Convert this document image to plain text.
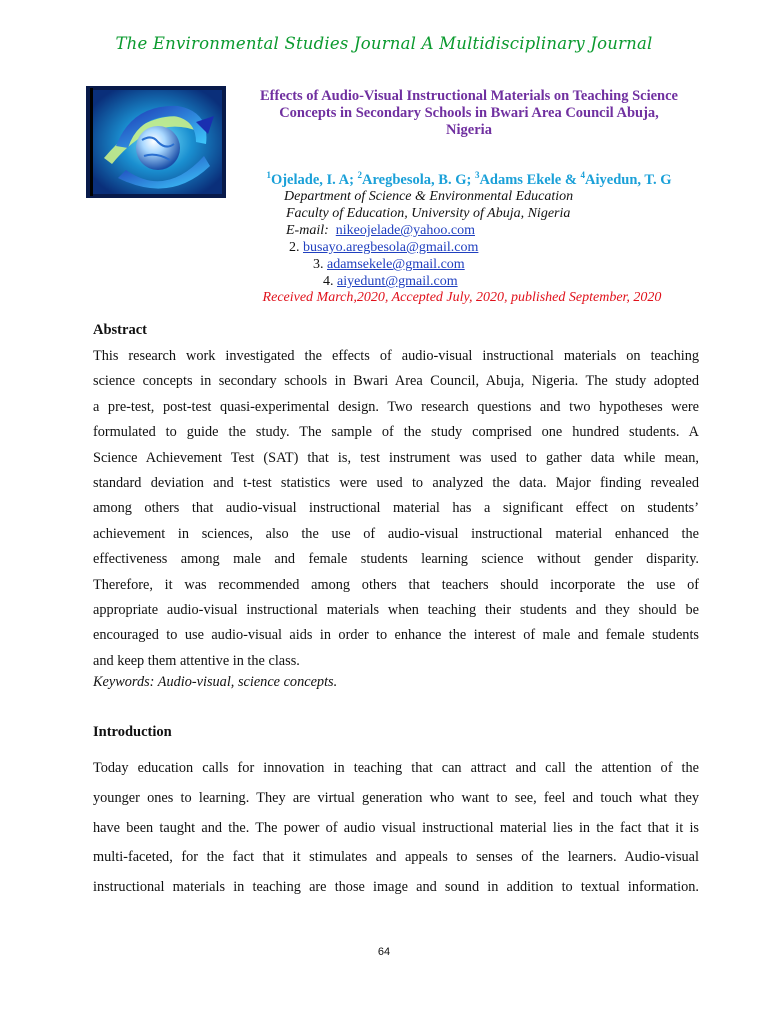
The Environmental Studies Journal A Multidisciplinary Journal
Effects of Audio-Visual Instructional Materials on Teaching Science
Concepts in Secondary Schools in Bwari Area Council Abuja,
Nigeria
$^1$Ojelade, I. A; $^2$Aregbesola, B. G; $^3$Adams Ekele & $^4$Aiyedun, T. G
Department of Science & Environmental Education
Faculty of Education, University of Abuja, Nigeria
E-mail: nikeojelade@yahoo.com
2. busayo.aregbesola@gmail.com
3. adamsekele@gmail.com
4. aiyedunt@gmail.com
Received March,2020, Accepted July, 2020, published September, 2020
Abstract
This research work investigated the effects of audio-visual instructional materials on teaching
science concepts in secondary schools in Bwari Area Council, Abuja, Nigeria. The study adopted
a pre-test, post-test quasi-experimental design. Two research questions and two hypotheses were
formulated to guide the study. The sample of the study comprised one hundred students. A
Science Achievement Test (SAT) that is, test instrument was used to gather data while mean,
standard deviation and t-test statistics were used to analyzed the data. Major finding revealed
among others that audio-visual instructional material has a significant effect on students’
achievement in sciences, also the use of audio-visual instructional material enhanced the
effectiveness among male and female students learning science without gender disparity.
Therefore, it was recommended among others that teachers should incorporate the use of
appropriate audio-visual instructional materials when teaching their students and they should be
encouraged to use audio-visual aids in order to enhance the interest of male and female students
and keep them attentive in the class.
Keywords: Audio-visual, science concepts.
Introduction
Today education calls for innovation in teaching that can attract and call the attention of the
younger ones to learning. They are virtual generation who want to see, feel and touch what they
have been taught and the. The power of audio visual instructional material lies in the fact that it is
multi-faceted, for the fact that it stimulates and appeals to senses of the learners. Audio-visual
instructional materials in teaching are those image and sound in addition to textual information.
64
